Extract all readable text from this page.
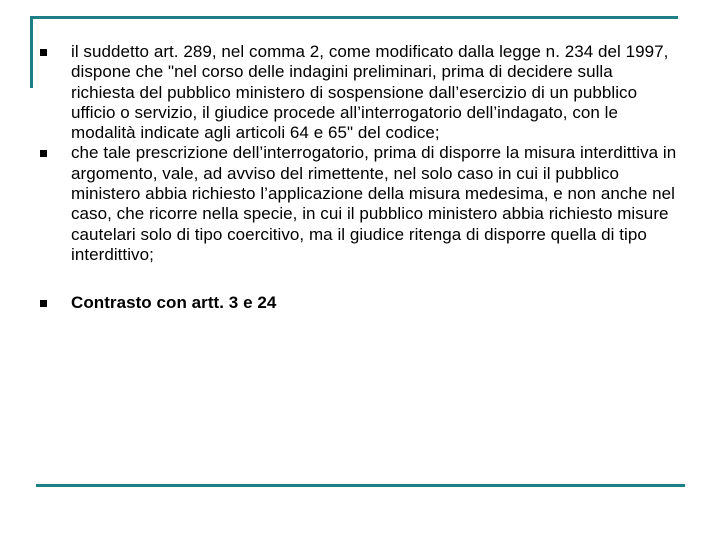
il suddetto art. 289, nel comma 2, come modificato dalla legge n. 234 del 1997, dispone che "nel corso delle indagini preliminari, prima di decidere sulla richiesta del pubblico ministero di sospensione dall’esercizio di un pubblico ufficio o servizio, il giudice procede all’interrogatorio dell’indagato, con le modalità indicate agli articoli 64 e 65" del codice;
che tale prescrizione dell’interrogatorio, prima di disporre la misura interdittiva in argomento, vale, ad avviso del rimettente, nel solo caso in cui il pubblico ministero abbia richiesto l’applicazione della misura medesima, e non anche nel caso, che ricorre nella specie, in cui il pubblico ministero abbia richiesto misure cautelari solo di tipo coercitivo, ma il giudice ritenga di disporre quella di tipo interdittivo;
Contrasto con artt. 3 e 24
